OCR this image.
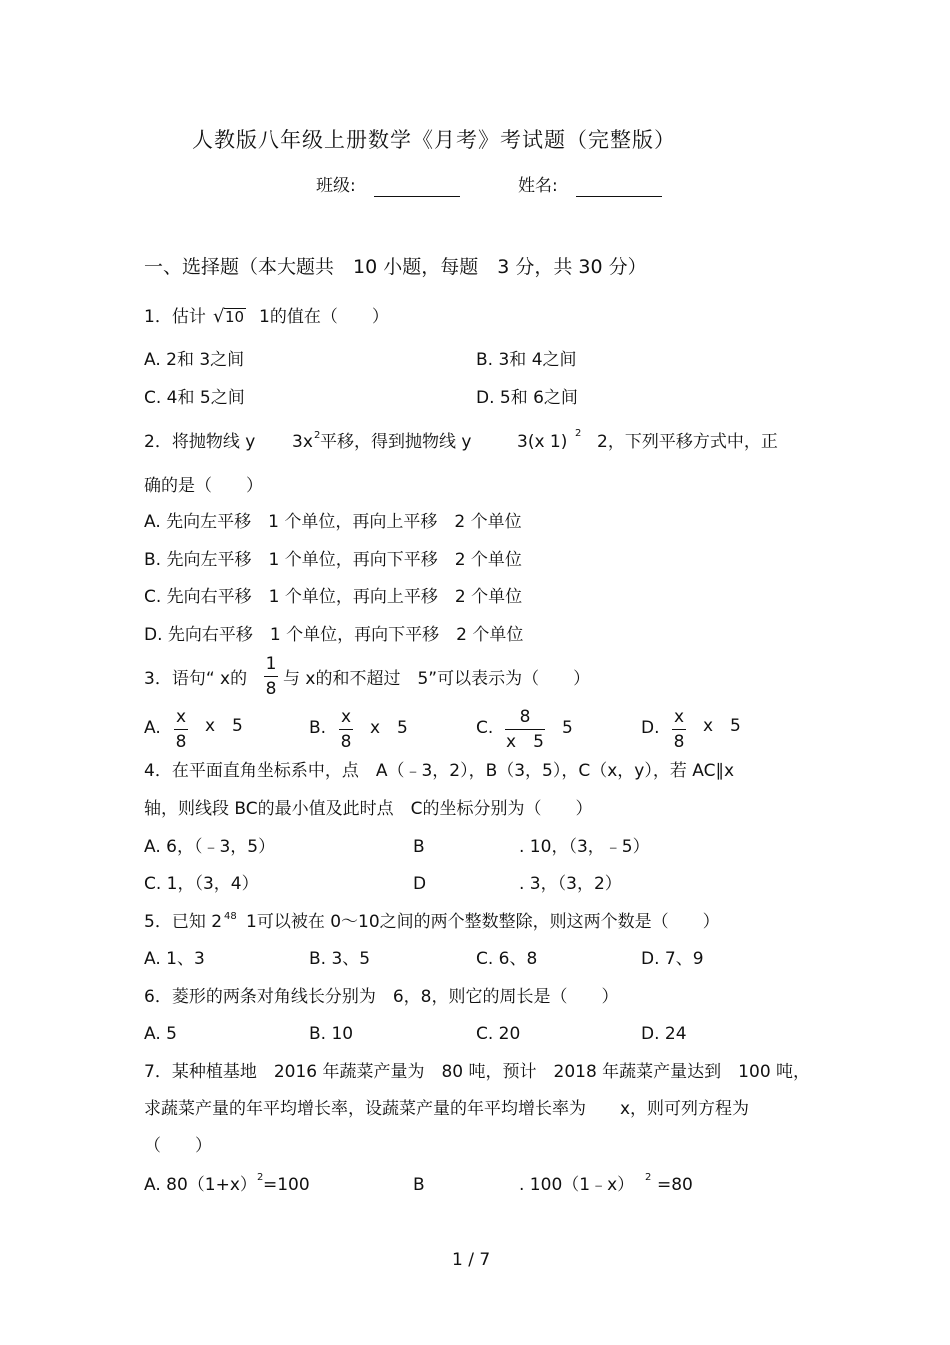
人教版八年级上册数学《月考》考试题（完整版）
班级:	姓名:
一、选择题（本大题共　10 小题，每题　3 分，共 30 分）
1．估计 √ 10 1的值在（　　）
A. 2和 3之间	B. 3和 4之间
C. 4和 5之间	D. 5和 6之间
2．将抛物线 y 3x 2 平移，得到抛物线 y	3(x 1) 2 2，下列平移方式中，正
确的是（　　）
A. 先向左平移　1 个单位，再向上平移　2 个单位
B. 先向左平移　1 个单位，再向下平移　2 个单位
C. 先向右平移　1 个单位，再向上平移　2 个单位
D. 先向右平移　1 个单位，再向下平移　2 个单位
3．语句“ x的
1
8 与 x的和不超过　5”可以表示为（　　）
A.
x
8
x　5	B.
x
8
x　5	C.
8
x　5
5	D.
x
8
x　5
4．在平面直角坐标系中，点　A（﹣3，2），B（3，5），C（x，y），若 AC∥x
轴，则线段 BC的最小值及此时点　C的坐标分别为（　　）
A. 6，（﹣3，5）	B	. 10，（3，﹣5）
C. 1，（3，4）	D	. 3，（3，2）
5．已知 2 48 1可以被在 0～10之间的两个整数整除，则这两个数是（　　）
A. 1、3	B. 3、5	C. 6、8	D. 7、9
6．菱形的两条对角线长分别为　6，8，则它的周长是（　　）
A. 5	B. 10	C. 20	D. 24
7．某种植基地　2016 年蔬菜产量为　80 吨，预计　2018 年蔬菜产量达到　100 吨，
求蔬菜产量的年平均增长率，设蔬菜产量的年平均增长率为　　x，则可列方程为
（　　）
A. 80（1+x） 2 =100	B	. 100（1﹣x） 2 =80
1 / 7
